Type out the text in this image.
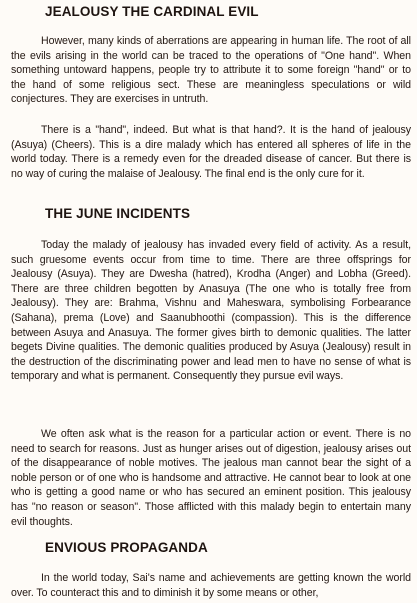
JEALOUSY THE CARDINAL EVIL

However, many kinds of aberrations are appearing in human life. The root of all the evils arising in the world can be traced to the operations of "One hand". When something untoward happens, people try to attribute it to some foreign "hand" or to the hand of some religious sect. These are meaningless speculations or wild conjectures. They are exercises in untruth.

There is a "hand", indeed. But what is that hand?. It is the hand of jealousy (Asuya) (Cheers). This is a dire malady which has entered all spheres of life in the world today. There is a remedy even for the dreaded disease of cancer. But there is no way of curing the malaise of Jealousy. The final end is the only cure for it.

THE JUNE INCIDENTS

Today the malady of jealousy has invaded every field of activity. As a result, such gruesome events occur from time to time. There are three offsprings for Jealousy (Asuya). They are Dwesha (hatred), Krodha (Anger) and Lobha (Greed). There are three children begotten by Anasuya (The one who is totally free from Jealousy). They are: Brahma, Vishnu and Maheswara, symbolising Forbearance (Sahana), prema (Love) and Saanubhoothi (compassion). This is the difference between Asuya and Anasuya. The former gives birth to demonic qualities. The latter begets Divine qualities. The demonic qualities produced by Asuya (Jealousy) result in the destruction of the discriminating power and lead men to have no sense of what is temporary and what is permanent. Consequently they pursue evil ways.

We often ask what is the reason for a particular action or event. There is no need to search for reasons. Just as hunger arises out of digestion, jealousy arises out of the disappearance of noble motives. The jealous man cannot bear the sight of a noble person or of one who is handsome and attractive. He cannot bear to look at one who is getting a good name or who has secured an eminent position. This jealousy has "no reason or season". Those afflicted with this malady begin to entertain many evil thoughts.

ENVIOUS PROPAGANDA

In the world today, Sai's name and achievements are getting known the world over. To counteract this and to diminish it by some means or other,
